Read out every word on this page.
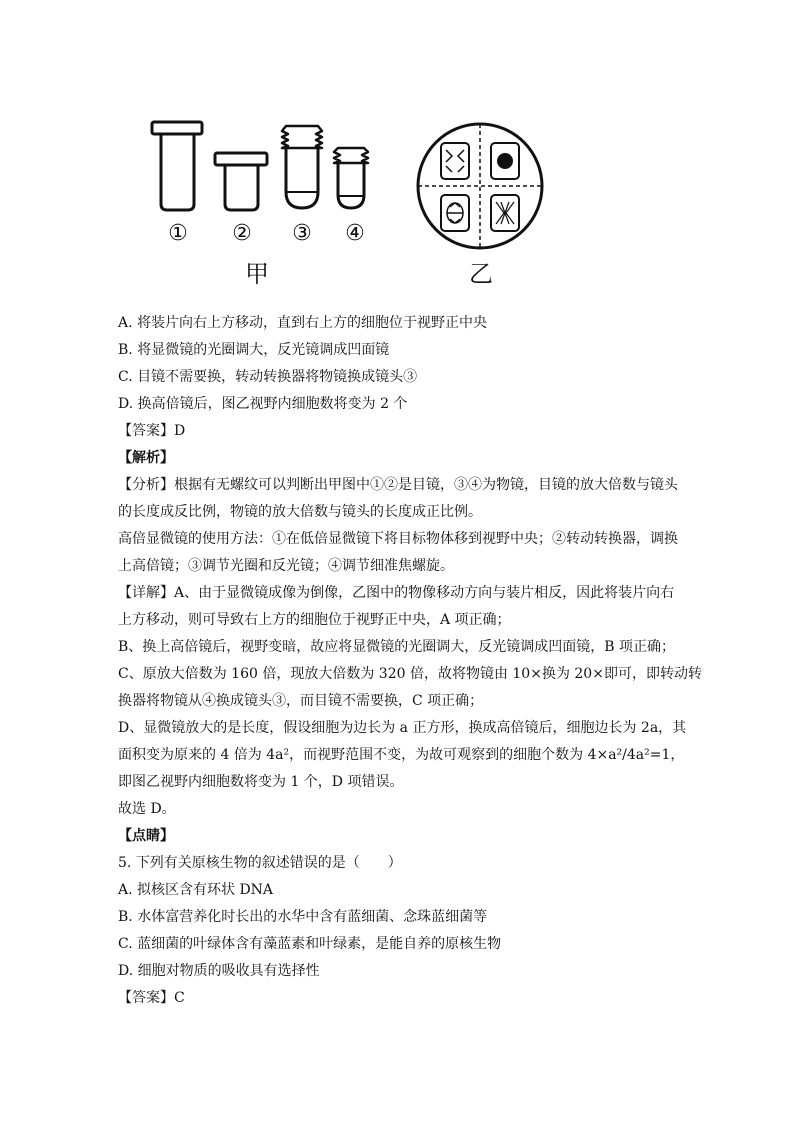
① ② ③ ④
甲	乙
A. 将装片向右上方移动，直到右上方的细胞位于视野正中央
B. 将显微镜的光圈调大，反光镜调成凹面镜
C. 目镜不需要换，转动转换器将物镜换成镜头③
D. 换高倍镜后，图乙视野内细胞数将变为 2 个
【答案】D
【解析】
【分析】根据有无螺纹可以判断出甲图中①②是目镜，③④为物镜，目镜的放大倍数与镜头
的长度成反比例，物镜的放大倍数与镜头的长度成正比例。
高倍显微镜的使用方法：①在低倍显微镜下将目标物体移到视野中央；②转动转换器，调换
上高倍镜；③调节光圈和反光镜；④调节细准焦螺旋。
【详解】A、由于显微镜成像为倒像，乙图中的物像移动方向与装片相反，因此将装片向右
上方移动，则可导致右上方的细胞位于视野正中央，A 项正确；
B、换上高倍镜后，视野变暗，故应将显微镜的光圈调大，反光镜调成凹面镜，B 项正确；
C、原放大倍数为 160 倍，现放大倍数为 320 倍，故将物镜由 10×换为 20×即可，即转动转
换器将物镜从④换成镜头③，而目镜不需要换，C 项正确；
D、显微镜放大的是长度，假设细胞为边长为 a 正方形，换成高倍镜后，细胞边长为 2a，其
面积变为原来的 4 倍为 4a²，而视野范围不变，为故可观察到的细胞个数为 4×a²/4a²=1，
即图乙视野内细胞数将变为 1 个，D 项错误。
故选 D。
【点睛】
5. 下列有关原核生物的叙述错误的是（　　）
A. 拟核区含有环状 DNA
B. 水体富营养化时长出的水华中含有蓝细菌、念珠蓝细菌等
C. 蓝细菌的叶绿体含有藻蓝素和叶绿素，是能自养的原核生物
D. 细胞对物质的吸收具有选择性
【答案】C
